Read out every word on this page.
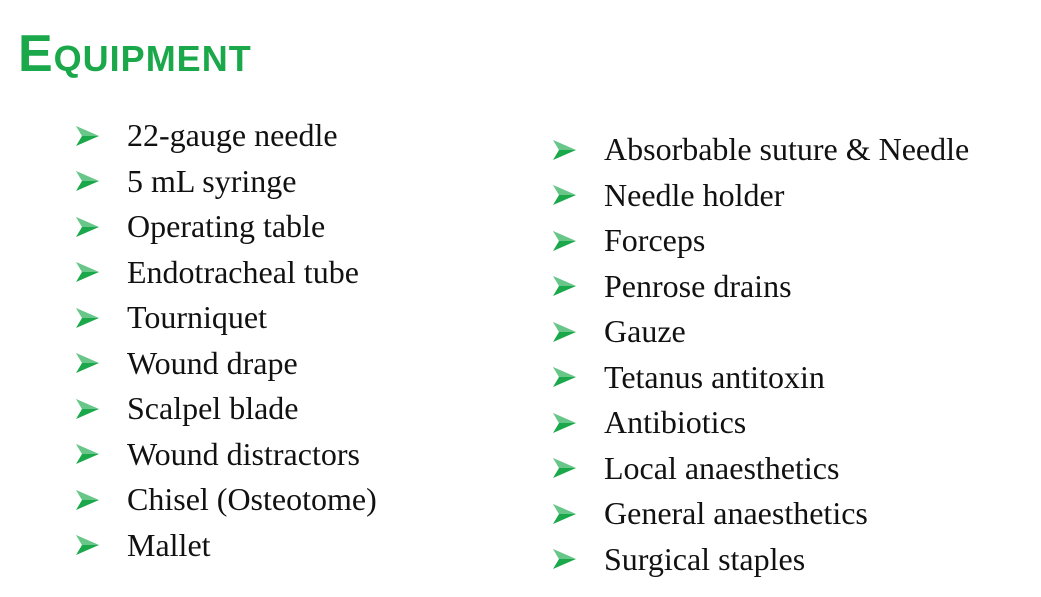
Equipment
22-gauge needle
5 mL syringe
Operating table
Endotracheal tube
Tourniquet
Wound drape
Scalpel blade
Wound distractors
Chisel (Osteotome)
Mallet
Absorbable suture & Needle
Needle holder
Forceps
Penrose drains
Gauze
Tetanus antitoxin
Antibiotics
Local anaesthetics
General anaesthetics
Surgical staples
